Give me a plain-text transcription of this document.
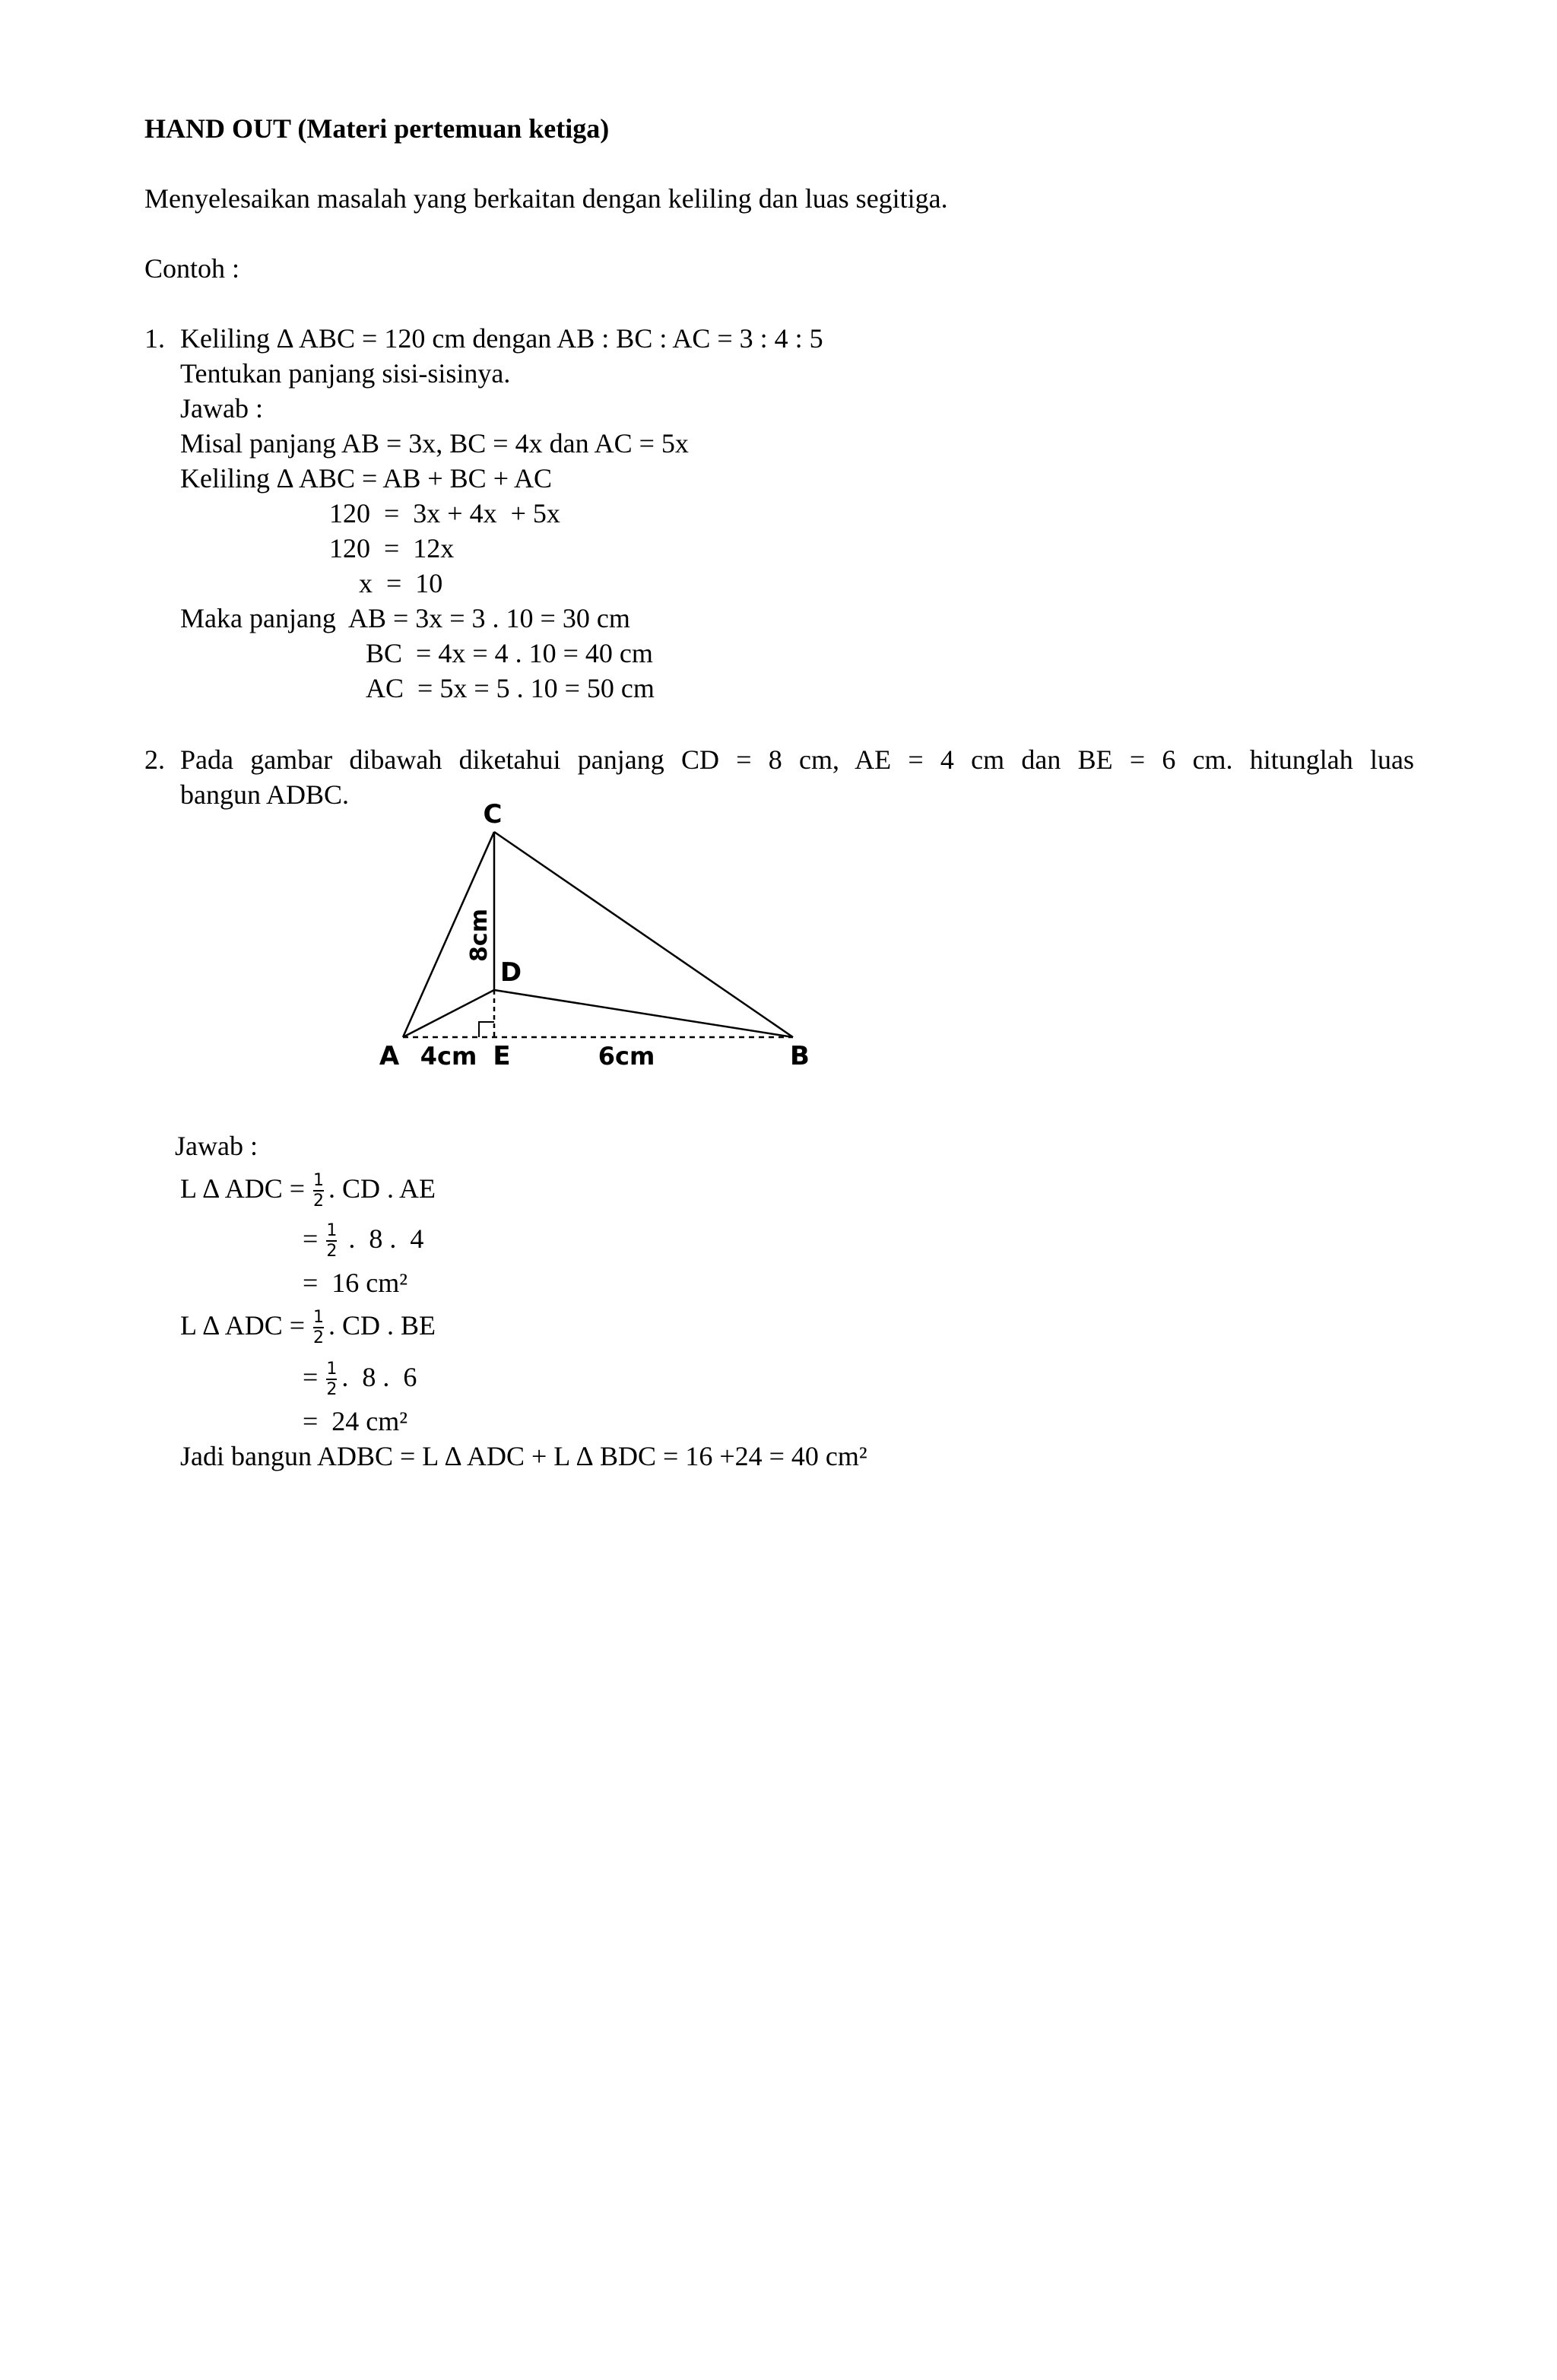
HAND OUT (Materi pertemuan ketiga)
Menyelesaikan masalah yang berkaitan dengan keliling dan luas segitiga.
Contoh :
1. Keliling ∆ ABC = 120 cm dengan AB : BC : AC = 3 : 4 : 5
Tentukan panjang sisi-sisinya.
Jawab :
Misal panjang AB = 3x, BC = 4x dan AC = 5x
Keliling ∆ ABC = AB + BC + AC
120  =  3x + 4x  + 5x
120  =  12x
x  =  10
Maka panjang  AB = 3x = 3 . 10 = 30 cm
BC  = 4x = 4 . 10 = 40 cm
AC  = 5x = 5 . 10 = 50 cm
2. Pada gambar dibawah diketahui panjang CD = 8 cm, AE = 4 cm dan BE = 6 cm. hitunglah luas
bangun ADBC.
C
D
A	E	B
4cm	6cm
8cm
Jawab :
L ∆ ADC = $\frac{1}{2}$ . CD . AE
= $\frac{1}{2}$ .  8 .  4
=  16 cm²
L ∆ ADC = $\frac{1}{2}$ . CD . BE
= $\frac{1}{2}$ .  8 .  6
=  24 cm²
Jadi bangun ADBC = L ∆ ADC + L ∆ BDC = 16 +24 = 40 cm²
